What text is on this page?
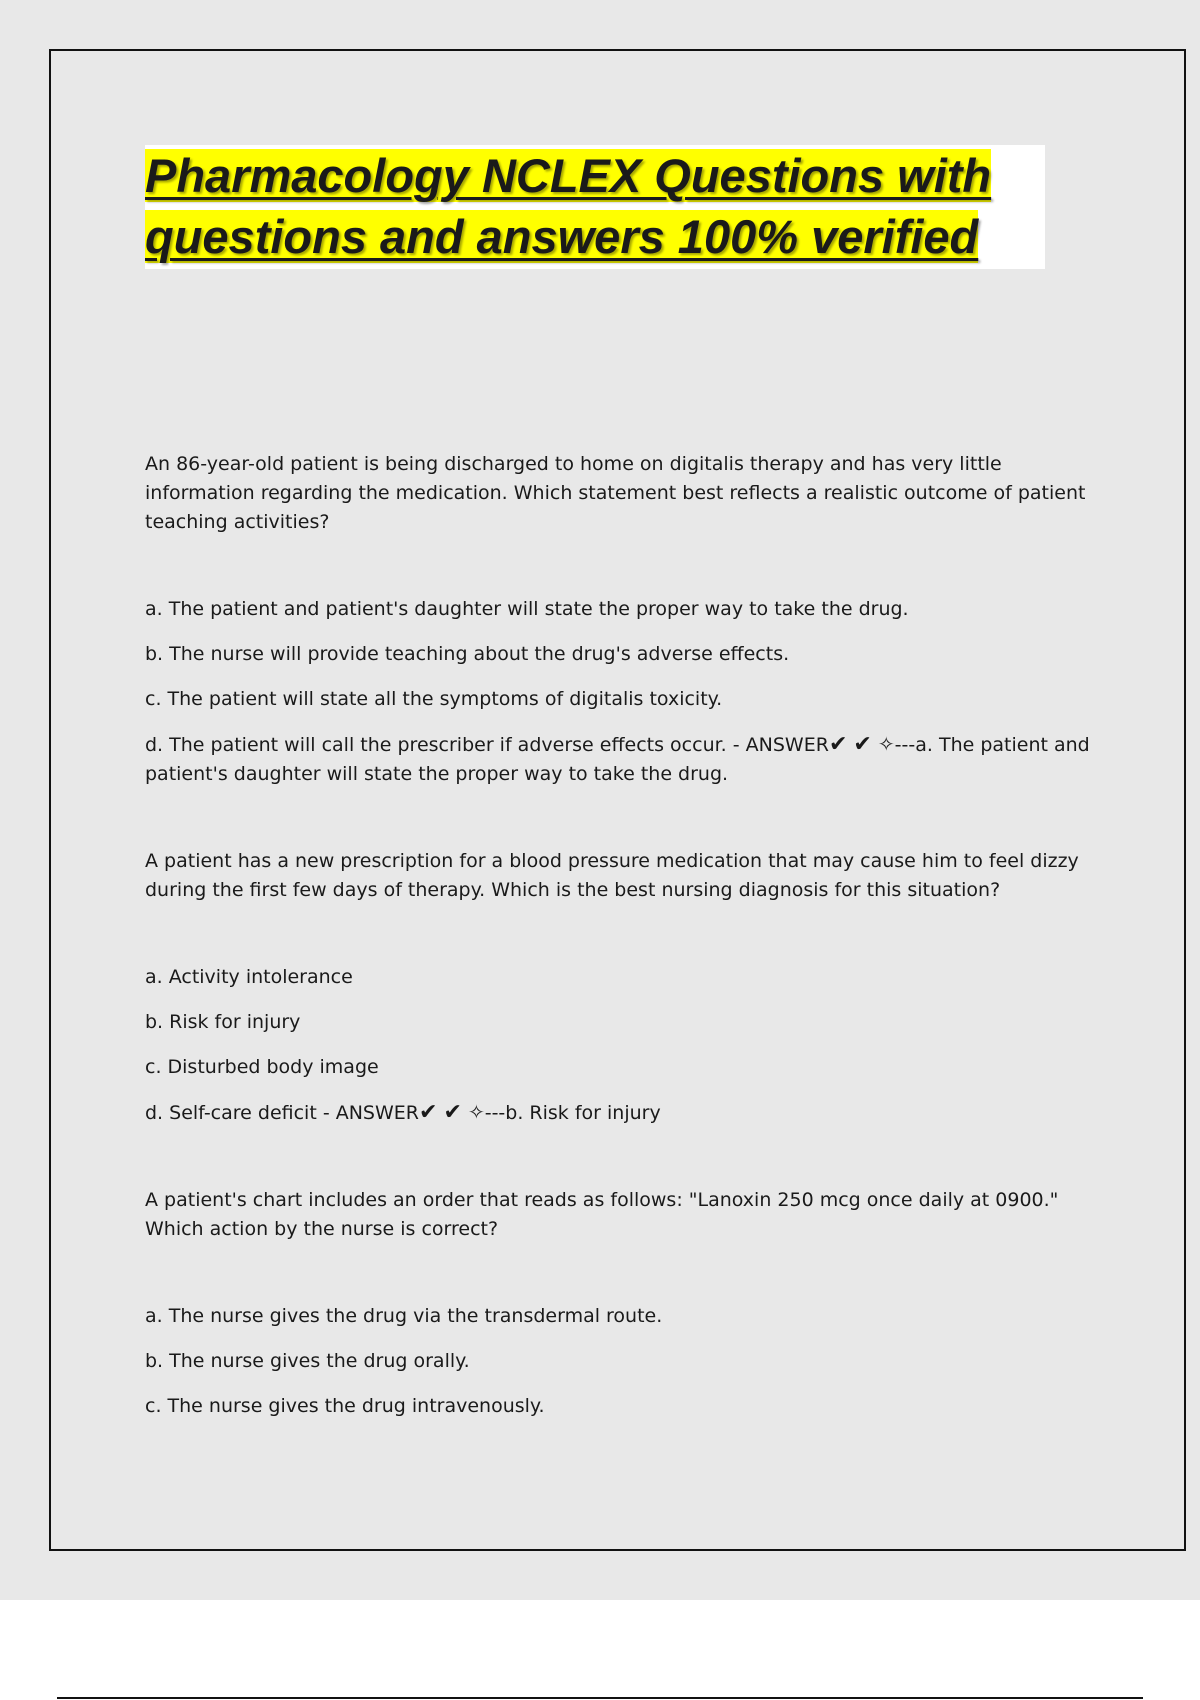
Pharmacology NCLEX Questions with questions and answers 100% verified

An 86-year-old patient is being discharged to home on digitalis therapy and has very little information regarding the medication. Which statement best reflects a realistic outcome of patient teaching activities?

a. The patient and patient's daughter will state the proper way to take the drug.

b. The nurse will provide teaching about the drug's adverse effects.

c. The patient will state all the symptoms of digitalis toxicity.

d. The patient will call the prescriber if adverse effects occur. - ANSWER✔ ✔ ✧---a. The patient and patient's daughter will state the proper way to take the drug.

A patient has a new prescription for a blood pressure medication that may cause him to feel dizzy during the first few days of therapy. Which is the best nursing diagnosis for this situation?

a. Activity intolerance

b. Risk for injury

c. Disturbed body image

d. Self-care deficit - ANSWER✔ ✔ ✧---b. Risk for injury

A patient's chart includes an order that reads as follows: "Lanoxin 250 mcg once daily at 0900." Which action by the nurse is correct?

a. The nurse gives the drug via the transdermal route.

b. The nurse gives the drug orally.

c. The nurse gives the drug intravenously.
